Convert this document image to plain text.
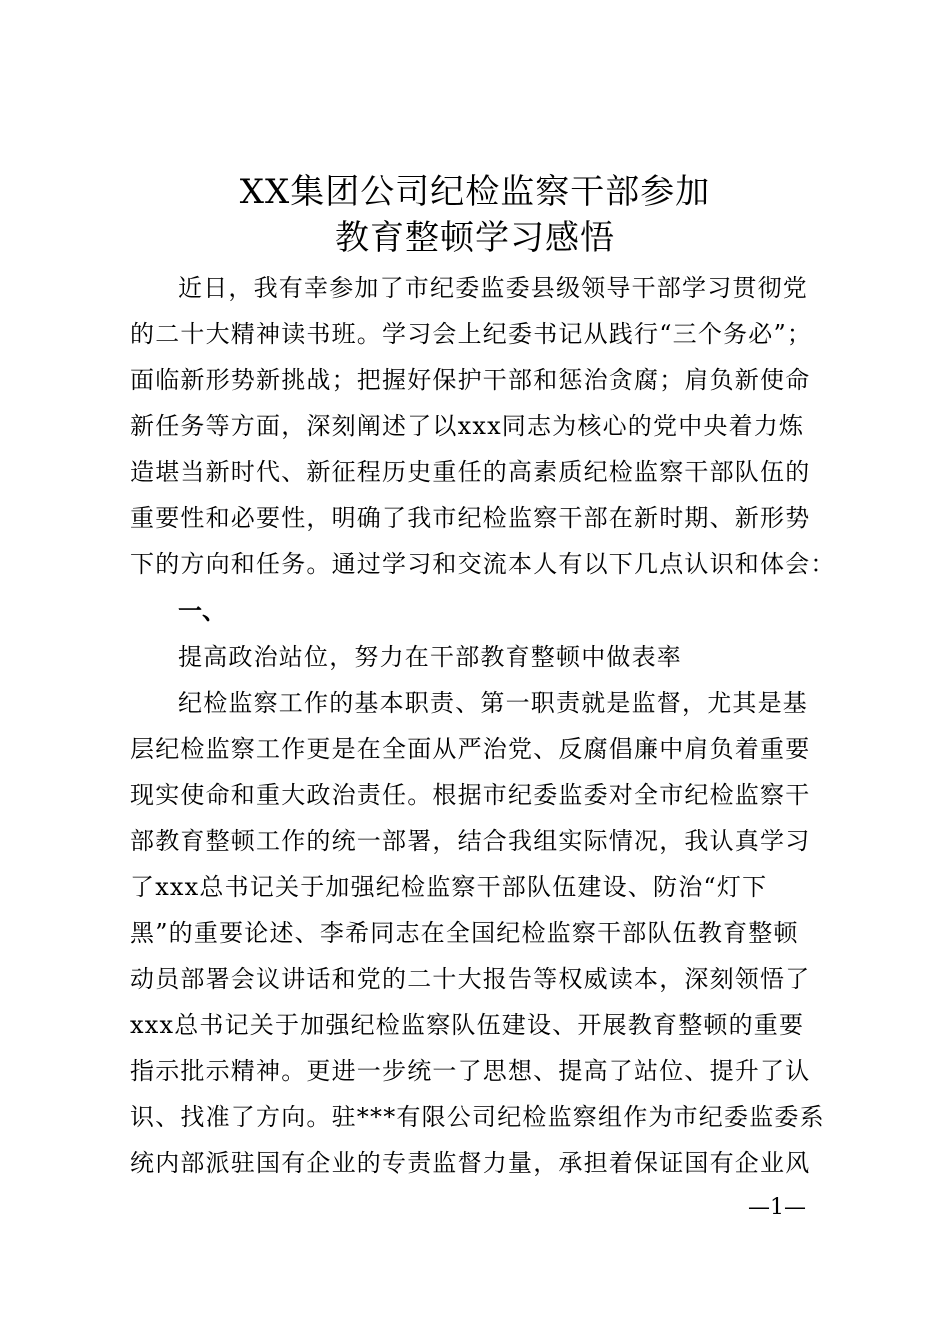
XX集团公司纪检监察干部参加
教育整顿学习感悟
近日，我有幸参加了市纪委监委县级领导干部学习贯彻党
的二十大精神读书班。学习会上纪委书记从践行“三个务必”；
面临新形势新挑战；把握好保护干部和惩治贪腐；肩负新使命
新任务等方面，深刻阐述了以xxx同志为核心的党中央着力炼
造堪当新时代、新征程历史重任的高素质纪检监察干部队伍的
重要性和必要性，明确了我市纪检监察干部在新时期、新形势
下的方向和任务。通过学习和交流本人有以下几点认识和体会：
一、
提高政治站位，努力在干部教育整顿中做表率
纪检监察工作的基本职责、第一职责就是监督，尤其是基
层纪检监察工作更是在全面从严治党、反腐倡廉中肩负着重要
现实使命和重大政治责任。根据市纪委监委对全市纪检监察干
部教育整顿工作的统一部署，结合我组实际情况，我认真学习
了xxx总书记关于加强纪检监察干部队伍建设、防治“灯下
黑”的重要论述、李希同志在全国纪检监察干部队伍教育整顿
动员部署会议讲话和党的二十大报告等权威读本，深刻领悟了
xxx总书记关于加强纪检监察队伍建设、开展教育整顿的重要
指示批示精神。更进一步统一了思想、提高了站位、提升了认
识、找准了方向。驻***有限公司纪检监察组作为市纪委监委系
统内部派驻国有企业的专责监督力量，承担着保证国有企业风
—1—
